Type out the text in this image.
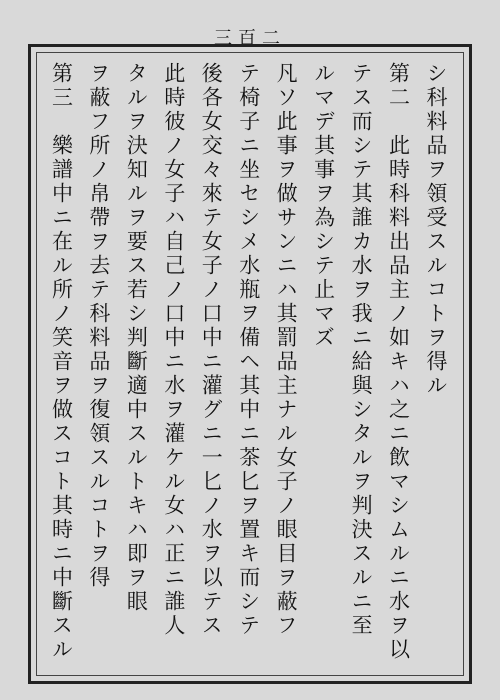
三百二
シ科料品ヲ領受スルコトヲ得ル
第二　此時科料出品主ノ如キハ之ニ飲マシムルニ水ヲ以
テス而シテ其誰カ水ヲ我ニ給與シタルヲ判決スルニ至
ルマデ其事ヲ為シテ止マズ
凡ソ此事ヲ做サンニハ其罰品主ナル女子ノ眼目ヲ蔽フ
テ椅子ニ坐セシメ水瓶ヲ備ヘ其中ニ茶匕ヲ置キ而シテ
後各女交々來テ女子ノ口中ニ灌グニ一匕ノ水ヲ以テス
此時彼ノ女子ハ自己ノ口中ニ水ヲ灌ケル女ハ正ニ誰人
タルヲ決知ルヲ要ス若シ判斷適中スルトキハ即ヲ眼
ヲ蔽フ所ノ帛帶ヲ去テ科料品ヲ復領スルコトヲ得
第三　樂譜中ニ在ル所ノ笑音ヲ做スコト其時ニ中斷スル
